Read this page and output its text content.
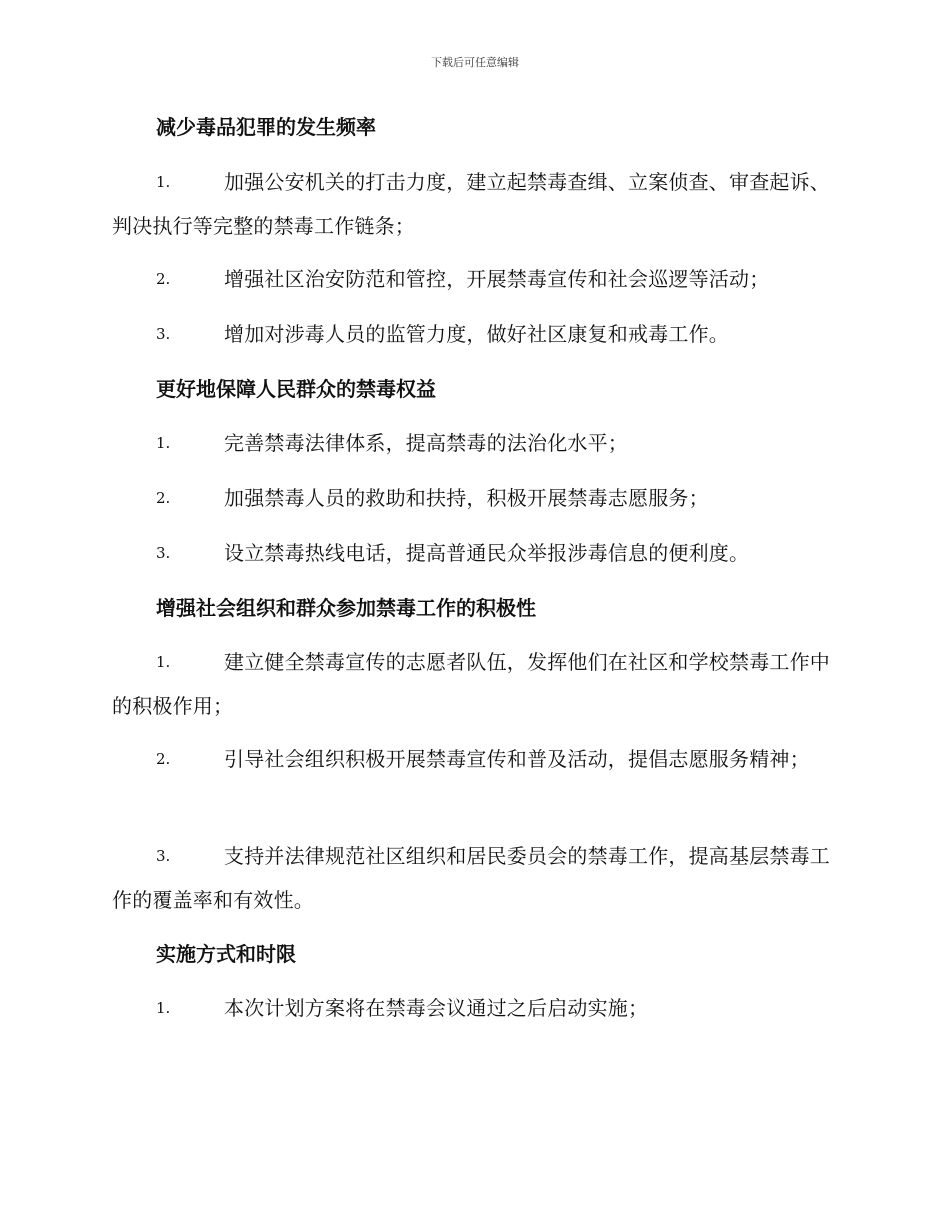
下载后可任意编辑
减少毒品犯罪的发生频率
1.	加强公安机关的打击力度，建立起禁毒查缉、立案侦查、审查起诉、判决执行等完整的禁毒工作链条；

2.	增强社区治安防范和管控，开展禁毒宣传和社会巡逻等活动；

3.	增加对涉毒人员的监管力度，做好社区康复和戒毒工作。

更好地保障人民群众的禁毒权益
1.	完善禁毒法律体系，提高禁毒的法治化水平；

2.	加强禁毒人员的救助和扶持，积极开展禁毒志愿服务；

3.	设立禁毒热线电话，提高普通民众举报涉毒信息的便利度。

增强社会组织和群众参加禁毒工作的积极性
1.	建立健全禁毒宣传的志愿者队伍，发挥他们在社区和学校禁毒工作中的积极作用；

2.	引导社会组织积极开展禁毒宣传和普及活动，提倡志愿服务精神；

3.	支持并法律规范社区组织和居民委员会的禁毒工作，提高基层禁毒工作的覆盖率和有效性。

实施方式和时限
1.	本次计划方案将在禁毒会议通过之后启动实施；
